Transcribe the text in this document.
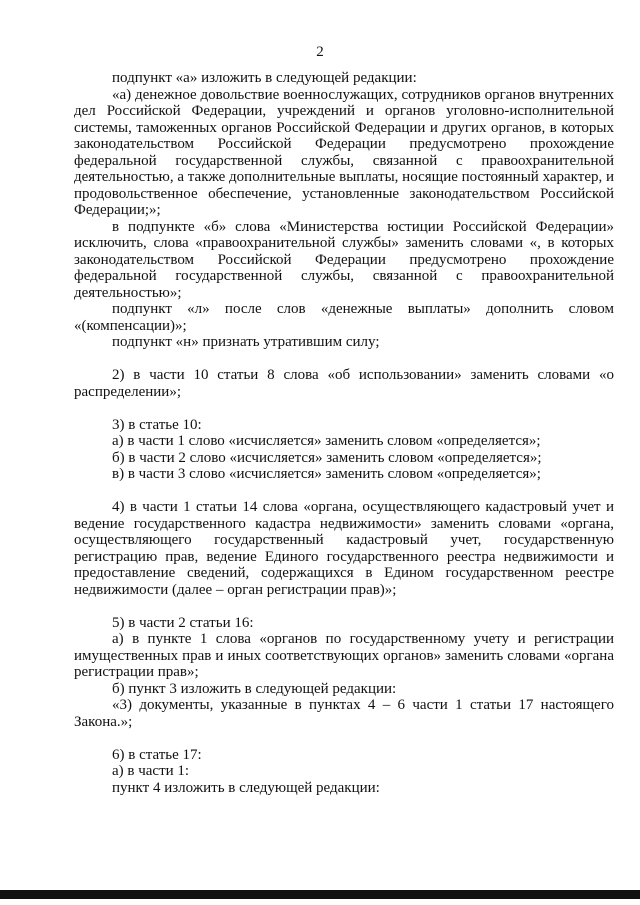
2

подпункт «а» изложить в следующей редакции:

«а) денежное довольствие военнослужащих, сотрудников органов внутренних дел Российской Федерации, учреждений и органов уголовно-исполнительной системы, таможенных органов Российской Федерации и других органов, в которых законодательством Российской Федерации предусмотрено прохождение федеральной государственной службы, связанной с правоохранительной деятельностью, а также дополнительные выплаты, носящие постоянный характер, и продовольственное обеспечение, установленные законодательством Российской Федерации;»;

в подпункте «б» слова «Министерства юстиции Российской Федерации» исключить, слова «правоохранительной службы» заменить словами «, в которых законодательством Российской Федерации предусмотрено прохождение федеральной государственной службы, связанной с правоохранительной деятельностью»;

подпункт «л» после слов «денежные выплаты» дополнить словом «(компенсации)»;

подпункт «н» признать утратившим силу;

2) в части 10 статьи 8 слова «об использовании» заменить словами «о распределении»;

3) в статье 10:

а) в части 1 слово «исчисляется» заменить словом «определяется»;

б) в части 2 слово «исчисляется» заменить словом «определяется»;

в) в части 3 слово «исчисляется» заменить словом «определяется»;

4) в части 1 статьи 14 слова «органа, осуществляющего кадастровый учет и ведение государственного кадастра недвижимости» заменить словами «органа, осуществляющего государственный кадастровый учет, государственную регистрацию прав, ведение Единого государственного реестра недвижимости и предоставление сведений, содержащихся в Едином государственном реестре недвижимости (далее – орган регистрации прав)»;

5) в части 2 статьи 16:

а) в пункте 1 слова «органов по государственному учету и регистрации имущественных прав и иных соответствующих органов» заменить словами «органа регистрации прав»;

б) пункт 3 изложить в следующей редакции:

«3) документы, указанные в пунктах 4 – 6 части 1 статьи 17 настоящего Закона.»;

6) в статье 17:

а) в части 1:

пункт 4 изложить в следующей редакции:
